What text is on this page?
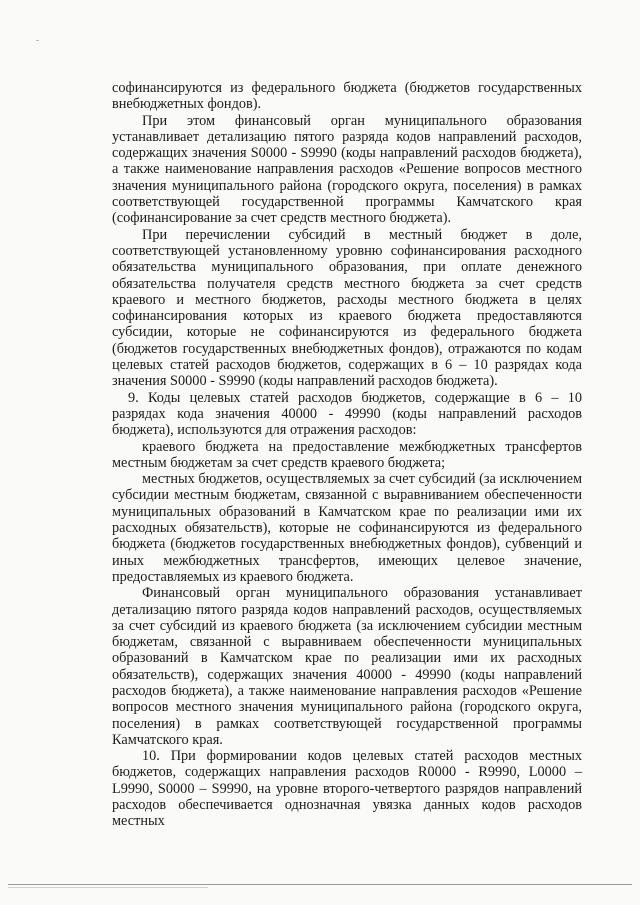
софинансируются из федерального бюджета (бюджетов государственных внебюджетных фондов).

При этом финансовый орган муниципального образования устанавливает детализацию пятого разряда кодов направлений расходов, содержащих значения S0000 - S9990 (коды направлений расходов бюджета), а также наименование направления расходов «Решение вопросов местного значения муниципального района (городского округа, поселения) в рамках соответствующей государственной программы Камчатского края (софинансирование за счет средств местного бюджета).

При перечислении субсидий в местный бюджет в доле, соответствующей установленному уровню софинансирования расходного обязательства муниципального образования, при оплате денежного обязательства получателя средств местного бюджета за счет средств краевого и местного бюджетов, расходы местного бюджета в целях софинансирования которых из краевого бюджета предоставляются субсидии, которые не софинансируются из федерального бюджета (бюджетов государственных внебюджетных фондов), отражаются по кодам целевых статей расходов бюджетов, содержащих в 6 – 10 разрядах кода значения S0000 - S9990 (коды направлений расходов бюджета).

9. Коды целевых статей расходов бюджетов, содержащие в 6 – 10 разрядах кода значения 40000 - 49990 (коды направлений расходов бюджета), используются для отражения расходов:

краевого бюджета на предоставление межбюджетных трансфертов местным бюджетам за счет средств краевого бюджета;

местных бюджетов, осуществляемых за счет субсидий (за исключением субсидии местным бюджетам, связанной с выравниванием обеспеченности муниципальных образований в Камчатском крае по реализации ими их расходных обязательств), которые не софинансируются из федерального бюджета (бюджетов государственных внебюджетных фондов), субвенций и иных межбюджетных трансфертов, имеющих целевое значение, предоставляемых из краевого бюджета.

Финансовый орган муниципального образования устанавливает детализацию пятого разряда кодов направлений расходов, осуществляемых за счет субсидий из краевого бюджета (за исключением субсидии местным бюджетам, связанной с выравниваем обеспеченности муниципальных образований в Камчатском крае по реализации ими их расходных обязательств), содержащих значения 40000 - 49990 (коды направлений расходов бюджета), а также наименование направления расходов «Решение вопросов местного значения муниципального района (городского округа, поселения) в рамках соответствующей государственной программы Камчатского края.

10. При формировании кодов целевых статей расходов местных бюджетов, содержащих направления расходов R0000 - R9990, L0000 – L9990, S0000 – S9990, на уровне второго-четвертого разрядов направлений расходов обеспечивается однозначная увязка данных кодов расходов местных
